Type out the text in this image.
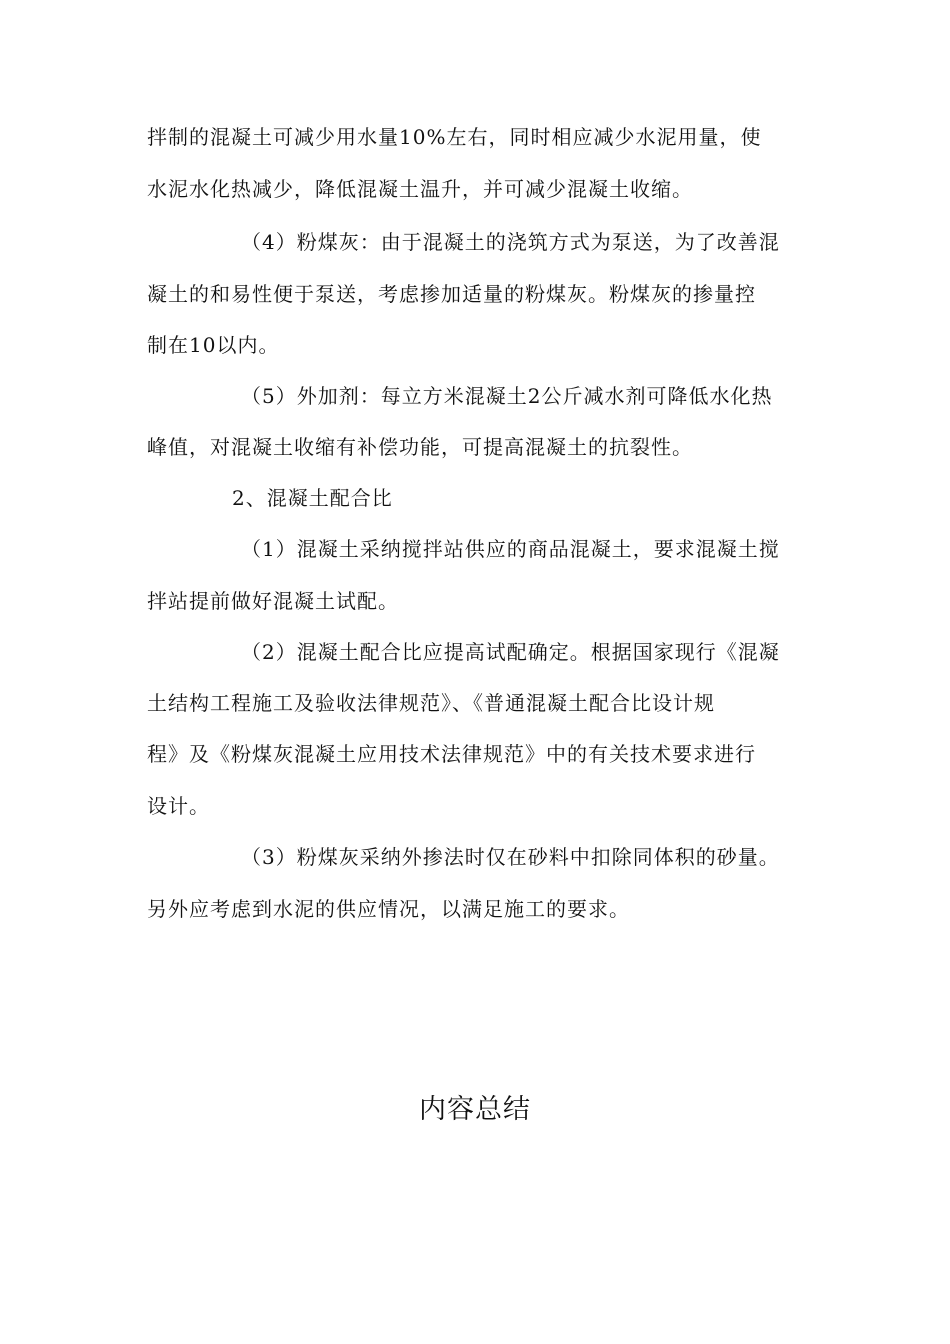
拌制的混凝土可减少用水量10%左右，同时相应减少水泥用量，使
水泥水化热减少，降低混凝土温升，并可减少混凝土收缩。
（4）粉煤灰：由于混凝土的浇筑方式为泵送，为了改善混
凝土的和易性便于泵送，考虑掺加适量的粉煤灰。粉煤灰的掺量控
制在10以内。
（5）外加剂：每立方米混凝土2公斤减水剂可降低水化热
峰值，对混凝土收缩有补偿功能，可提高混凝土的抗裂性。
2、混凝土配合比
（1）混凝土采纳搅拌站供应的商品混凝土，要求混凝土搅
拌站提前做好混凝土试配。
（2）混凝土配合比应提高试配确定。根据国家现行《混凝
土结构工程施工及验收法律规范》、《普通混凝土配合比设计规
程》及《粉煤灰混凝土应用技术法律规范》中的有关技术要求进行
设计。
（3）粉煤灰采纳外掺法时仅在砂料中扣除同体积的砂量。
另外应考虑到水泥的供应情况，以满足施工的要求。
内容总结
